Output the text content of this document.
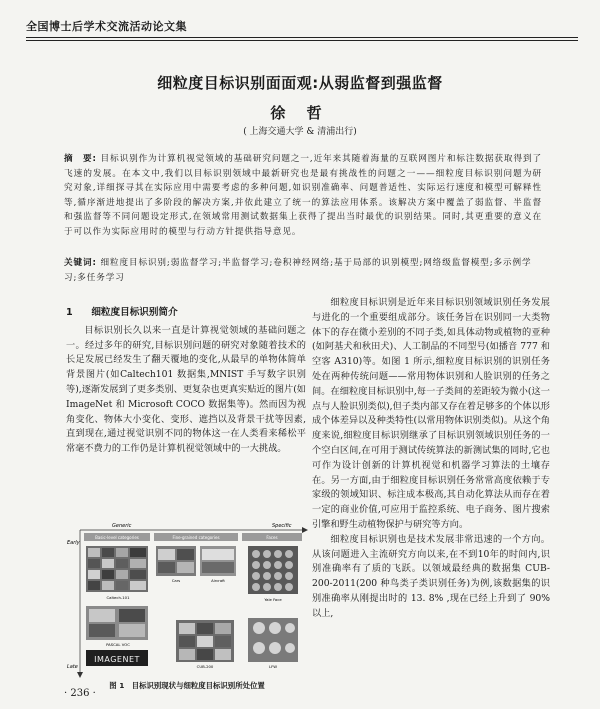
全国博士后学术交流活动论文集
细粒度目标识别面面观:从弱监督到强监督
徐 哲
( 上海交通大学 & 清浦出行)
摘　要: 目标识别作为计算机视觉领域的基础研究问题之一,近年来其随着海量的互联网图片和标注数据获取得到了飞速的发展。在本文中,我们以目标识别领域中最新研究也是最有挑战性的问题之一——细粒度目标识别问题为研究对象,详细探寻其在实际应用中需要考虑的多种问题,如识别准确率、问题普适性、实际运行速度和模型可解释性等,循序渐进地提出了多阶段的解决方案,并依此建立了统一的算法应用体系。该解决方案中覆盖了弱监督、半监督和强监督等不同问题设定形式,在领域常用测试数据集上获得了提出当时最优的识别结果。同时,其更重要的意义在于可以作为实际应用时的模型与行动方针提供指导意见。
关键词: 细粒度目标识别;弱监督学习;半监督学习;卷积神经网络;基于局部的识别模型;网络级监督模型;多示例学习;多任务学习
1 细粒度目标识别简介

目标识别长久以来一直是计算视觉领域的基础问题之一。经过多年的研究,目标识别问题的研究对象随着技术的长足发展已经发生了翻天覆地的变化,从最早的单物体简单背景图片(如Caltech101 数据集,MNIST 手写数字识别等),逐渐发展到了更多类别、更复杂也更真实贴近的图片(如 ImageNet 和 Microsoft COCO 数据集等)。然而因为视角变化、物体大小变化、变形、遮挡以及背景干扰等因素,直到现在,通过视觉识别不同的物体这一在人类看来稀松平常毫不费力的工作仍是计算机视觉领域中的一大挑战。

Generic	Specific
Early
Late
Basic-level categories	Fine-grained categories	Faces
Caltech-101
PASCAL VOC
IMAGENET
Cars	Aircraft
CUB-200
Yale Face
LFW
图 1　目标识别现状与细粒度目标识别所处位置

细粒度目标识别是近年来目标识别领域识别任务发展与进化的一个重要组成部分。该任务旨在识别同一大类物体下的存在微小差别的不同子类,如具体动物或植物的亚种(如阿基犬和秋田犬)、人工制品的不同型号(如播音 777 和空客 A310)等。如图 1 所示,细粒度目标识别的识别任务处在两种传统问题——常用物体识别和人脸识别的任务之间。在细粒度目标识别中,每一子类间的差距较为微小(这一点与人脸识别类似),但子类内部又存在着足够多的个体以形成个体差异以及种类特性(以常用物体识别类似)。从这个角度来说,细粒度目标识别继承了目标识别领域识别任务的一个空白区间,在可用于测试传统算法的新测试集的同时,它也可作为设计创新的计算机视觉和机器学习算法的土壤存在。另一方面,由于细粒度目标识别任务常常高度依赖于专家级的领域知识、标注成本极高,其自动化算法从而存在着一定的商业价值,可应用于监控系统、电子商务、图片搜索引擎和野生动植物保护与研究等方向。

细粒度目标识别也是技术发展非常迅速的一个方向。从该问题进入主流研究方向以来,在不到10年的时间内,识别准确率有了质的飞跃。以领域最经典的数据集 CUB-200-2011(200 种鸟类子类识别任务)为例,该数据集的识别准确率从刚提出时的 13. 8% ,现在已经上升到了 90% 以上,

· 236 ·
